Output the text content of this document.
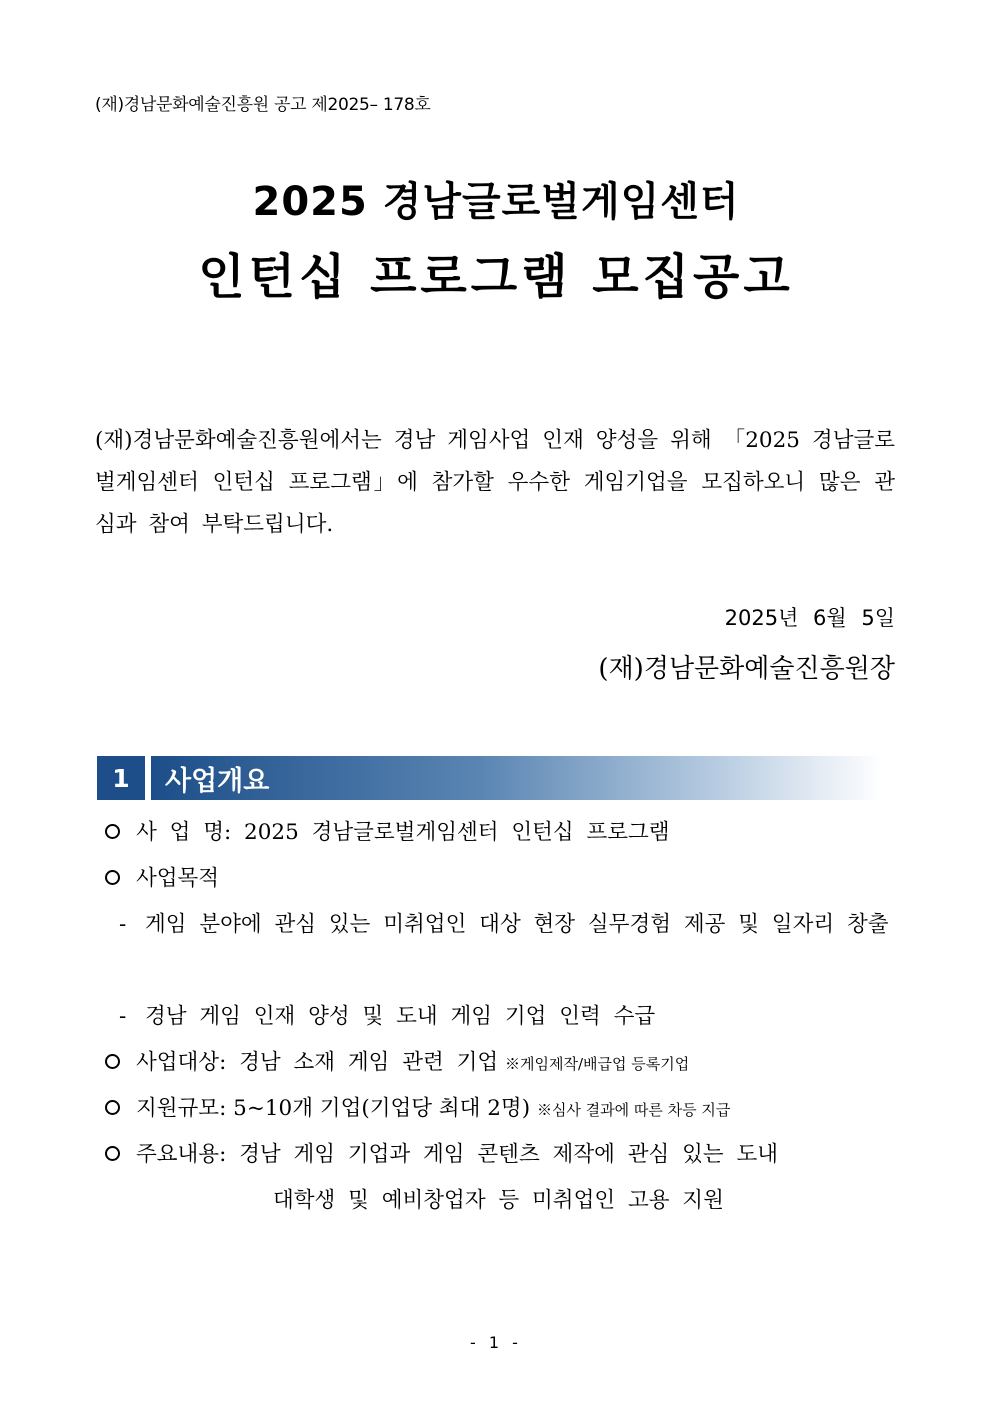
(재)경남문화예술진흥원 공고 제2025– 178호
2025 경남글로벌게임센터
인턴십 프로그램 모집공고
(재)경남문화예술진흥원에서는 경남 게임사업 인재 양성을 위해 「2025 경남글로벌게임센터 인턴십 프로그램」에 참가할 우수한 게임기업을 모집하오니 많은 관심과 참여 부탁드립니다.
2025년 6월 5일
(재)경남문화예술진흥원장
1	사업개요
사 업 명: 2025 경남글로벌게임센터 인턴십 프로그램
사업목적
- 게임 분야에 관심 있는 미취업인 대상 현장 실무경험 제공 및 일자리 창출
- 경남 게임 인재 양성 및 도내 게임 기업 인력 수급
사업대상: 경남 소재 게임 관련 기업 ※게임제작/배급업 등록기업
지원규모: 5~10개 기업(기업당 최대 2명) ※심사 결과에 따른 차등 지급
주요내용: 경남 게임 기업과 게임 콘텐츠 제작에 관심 있는 도내
대학생 및 예비창업자 등 미취업인 고용 지원
- 1 -
